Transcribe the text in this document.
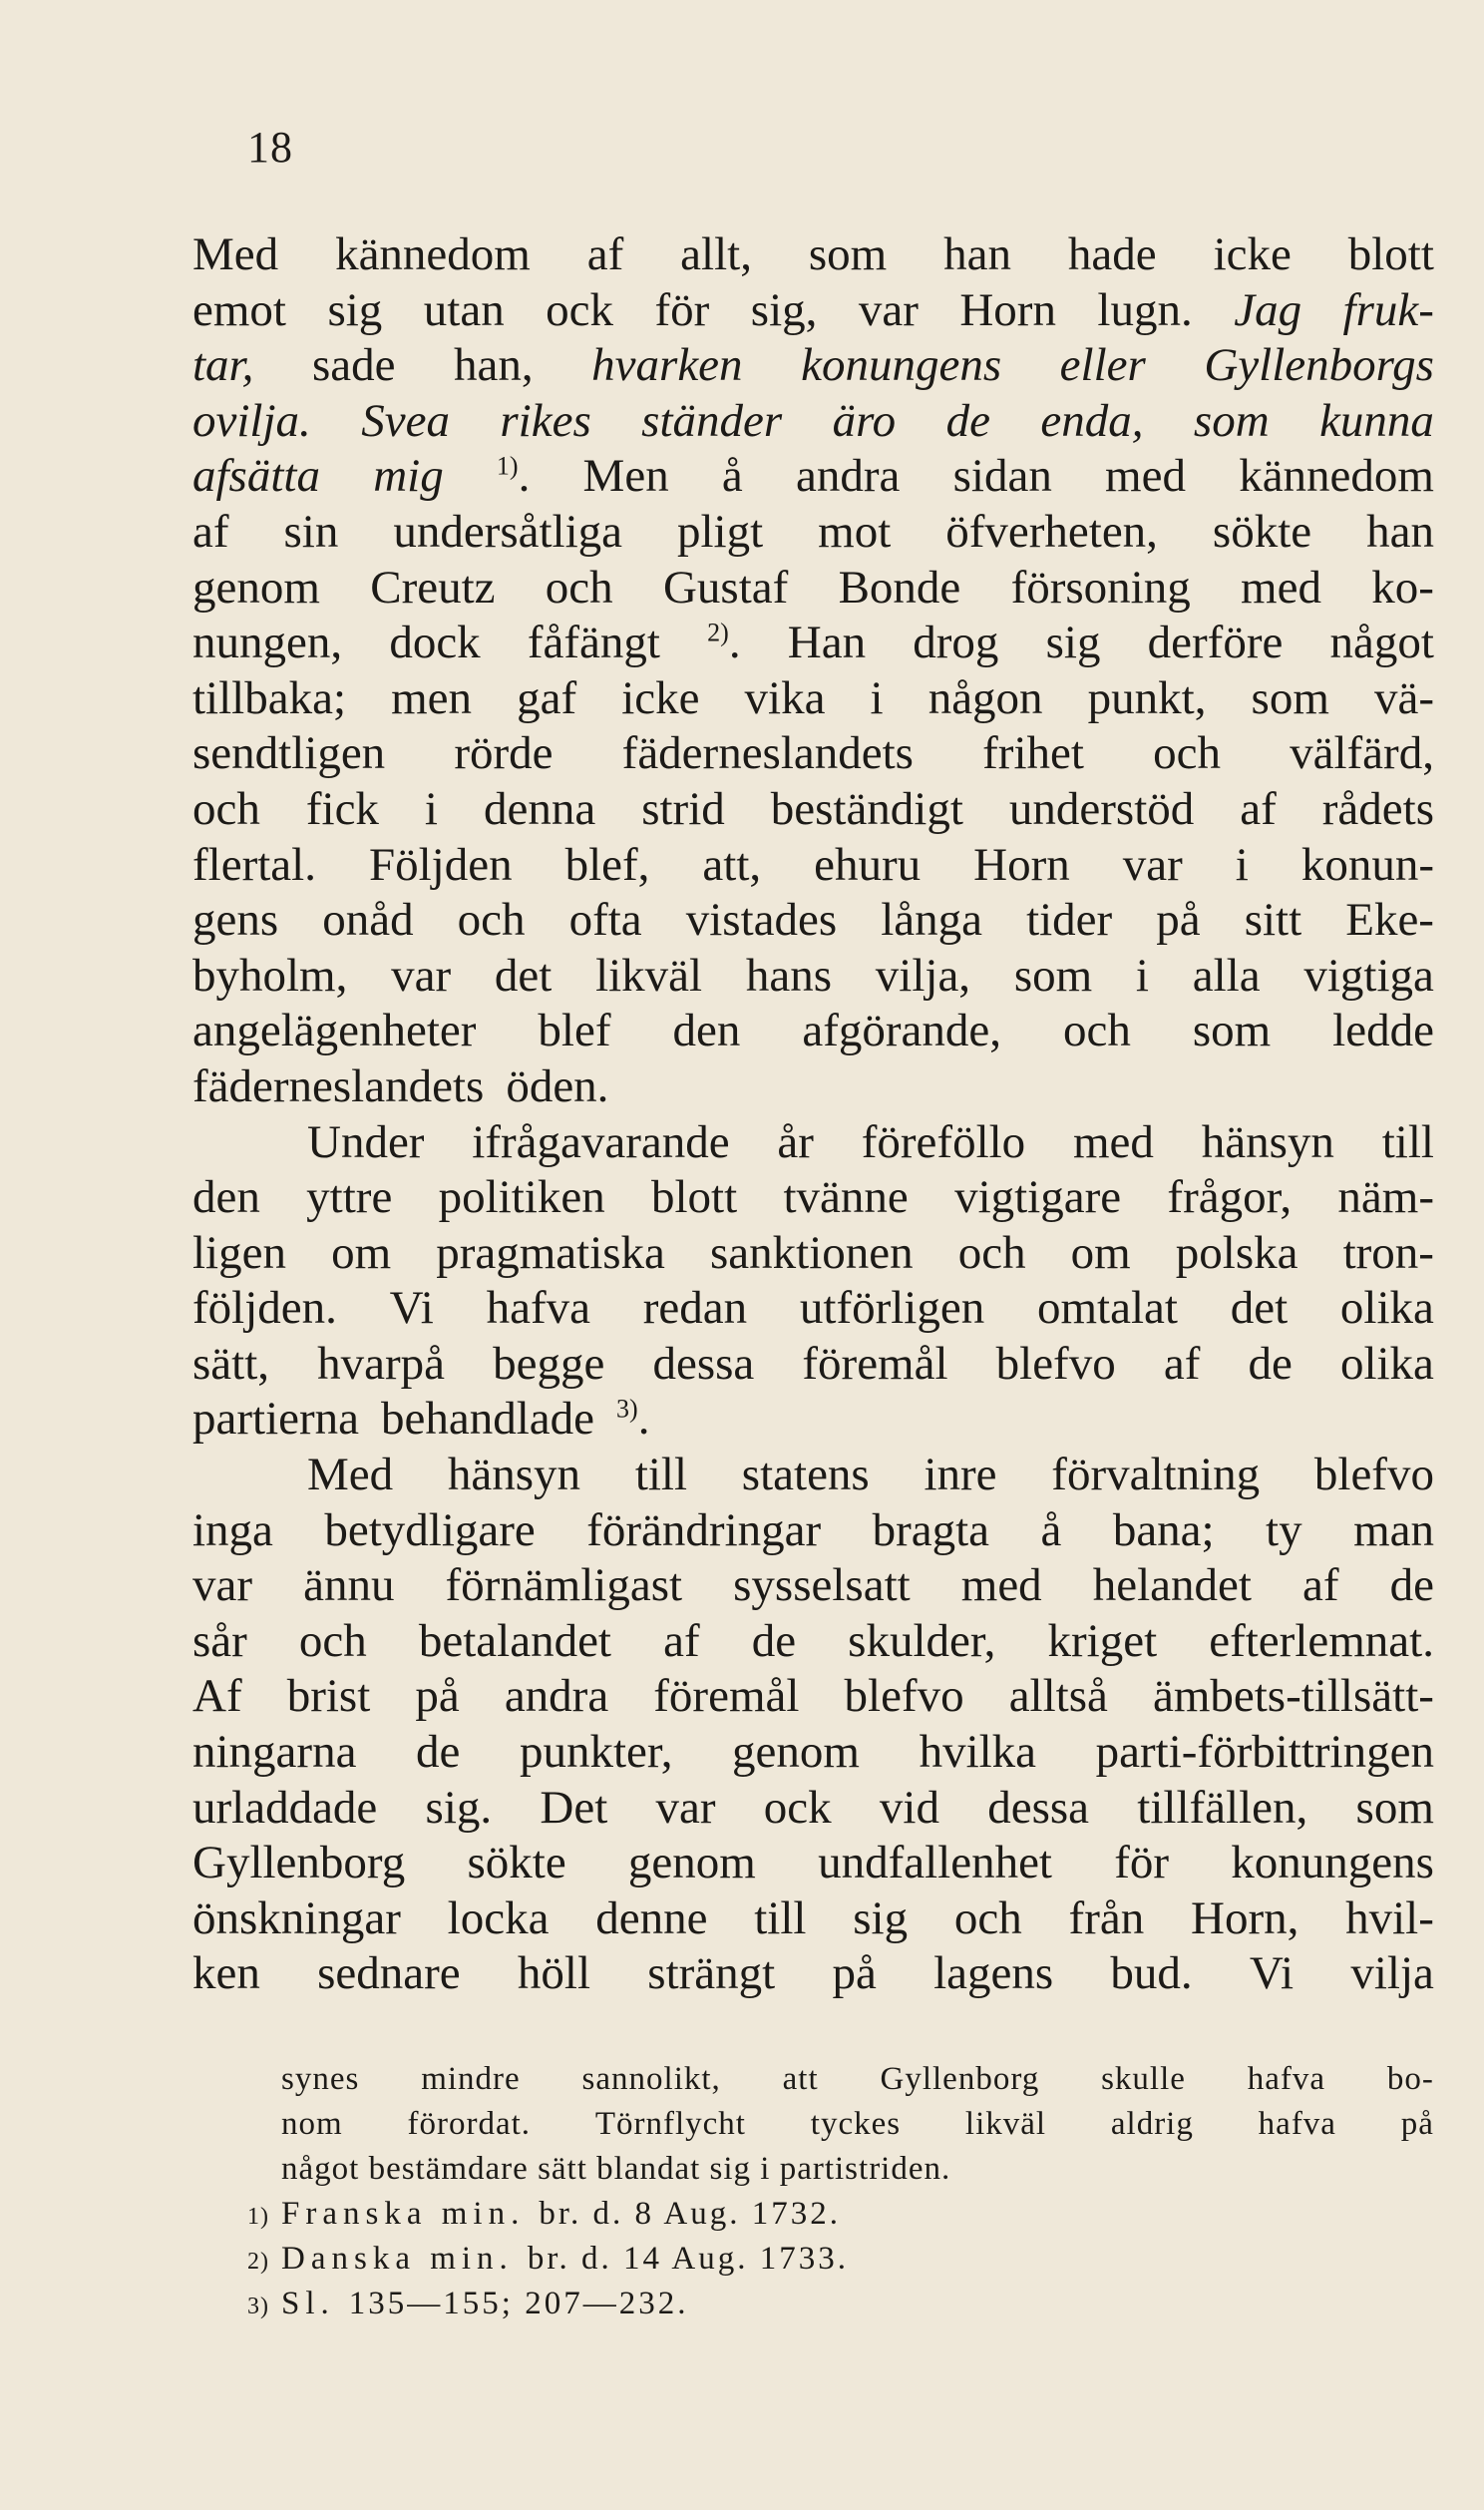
18
Med kännedom af allt, som han hade icke blott
emot sig utan ock för sig, var Horn lugn. Jag fruk-
tar, sade han, hvarken konungens eller Gyllenborgs
ovilja. Svea rikes ständer äro de enda, som kunna
afsätta mig $^{1)}$. Men å andra sidan med kännedom
af sin undersåtliga pligt mot öfverheten, sökte han
genom Creutz och Gustaf Bonde försoning med ko-
nungen, dock fåfängt $^{2)}$. Han drog sig derföre något
tillbaka; men gaf icke vika i någon punkt, som vä-
sendtligen rörde fäderneslandets frihet och välfärd,
och fick i denna strid beständigt understöd af rådets
flertal. Följden blef, att, ehuru Horn var i konun-
gens onåd och ofta vistades långa tider på sitt Eke-
byholm, var det likväl hans vilja, som i alla vigtiga
angelägenheter blef den afgörande, och som ledde
fäderneslandets öden.
Under ifrågavarande år föreföllo med hänsyn till
den yttre politiken blott tvänne vigtigare frågor, näm-
ligen om pragmatiska sanktionen och om polska tron-
följden. Vi hafva redan utförligen omtalat det olika
sätt, hvarpå begge dessa föremål blefvo af de olika
partierna behandlade $^{3)}$.
Med hänsyn till statens inre förvaltning blefvo
inga betydligare förändringar bragta å bana; ty man
var ännu förnämligast sysselsatt med helandet af de
sår och betalandet af de skulder, kriget efterlemnat.
Af brist på andra föremål blefvo alltså ämbets-tillsätt-
ningarna de punkter, genom hvilka parti-förbittringen
urladdade sig. Det var ock vid dessa tillfällen, som
Gyllenborg sökte genom undfallenhet för konungens
önskningar locka denne till sig och från Horn, hvil-
ken sednare höll strängt på lagens bud. Vi vilja
synes mindre sannolikt, att Gyllenborg skulle hafva bo-
nom förordat. Törnflycht tyckes likväl aldrig hafva på
något bestämdare sätt blandat sig i partistriden.
1) Franska min. br. d. 8 Aug. 1732.
2) Danska min. br. d. 14 Aug. 1733.
3) Sl. 135—155; 207—232.
